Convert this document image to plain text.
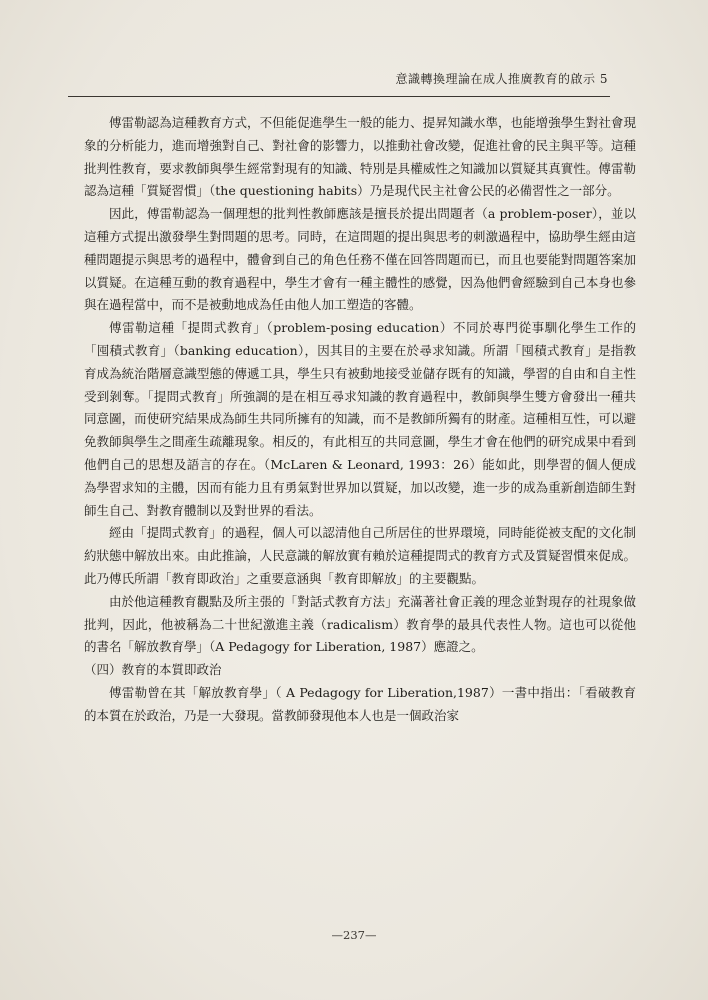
意識轉換理論在成人推廣教育的啟示 5

傅雷勒認為這種教育方式，不但能促進學生一般的能力、提昇知識水準，也能增強學生對社會現象的分析能力，進而增強對自己、對社會的影響力，以推動社會改變，促進社會的民主與平等。這種批判性教育，要求教師與學生經常對現有的知識、特別是具權威性之知識加以質疑其真實性。傅雷勒認為這種「質疑習慣」（the questioning habits）乃是現代民主社會公民的必備習性之一部分。

因此，傅雷勒認為一個理想的批判性教師應該是擅長於提出問題者（a problem-poser），並以這種方式提出激發學生對問題的思考。同時，在這問題的提出與思考的刺激過程中，協助學生經由這種問題提示與思考的過程中，體會到自己的角色任務不僅在回答問題而已，而且也要能對問題答案加以質疑。在這種互動的教育過程中，學生才會有一種主體性的感覺，因為他們會經驗到自己本身也參與在過程當中，而不是被動地成為任由他人加工塑造的客體。

傅雷勒這種「提問式教育」（problem-posing education）不同於專門從事馴化學生工作的「囤積式教育」（banking education），因其目的主要在於尋求知識。所謂「囤積式教育」是指教育成為統治階層意識型態的傳遞工具，學生只有被動地接受並儲存既有的知識，學習的自由和自主性受到剝奪。「提問式教育」所強調的是在相互尋求知識的教育過程中，教師與學生雙方會發出一種共同意圖，而使研究結果成為師生共同所擁有的知識，而不是教師所獨有的財產。這種相互性，可以避免教師與學生之間產生疏離現象。相反的，有此相互的共同意圖，學生才會在他們的研究成果中看到他們自己的思想及語言的存在。（McLaren & Leonard, 1993：26）能如此，則學習的個人便成為學習求知的主體，因而有能力且有勇氣對世界加以質疑，加以改變，進一步的成為重新創造師生對師生自己、對教育體制以及對世界的看法。

經由「提問式教育」的過程，個人可以認清他自己所居住的世界環境，同時能從被支配的文化制約狀態中解放出來。由此推論，人民意識的解放實有賴於這種提問式的教育方式及質疑習慣來促成。此乃傅氏所謂「教育即政治」之重要意涵與「教育即解放」的主要觀點。

由於他這種教育觀點及所主張的「對話式教育方法」充滿著社會正義的理念並對現存的社現象做批判，因此，他被稱為二十世紀激進主義（radicalism）教育學的最具代表性人物。這也可以從他的書名「解放教育學」（A Pedagogy for Liberation, 1987）應證之。

（四）教育的本質即政治

傅雷勒曾在其「解放教育學」（ A Pedagogy for Liberation,1987）一書中指出：「看破教育的本質在於政治，乃是一大發現。當教師發現他本人也是一個政治家

—237—
